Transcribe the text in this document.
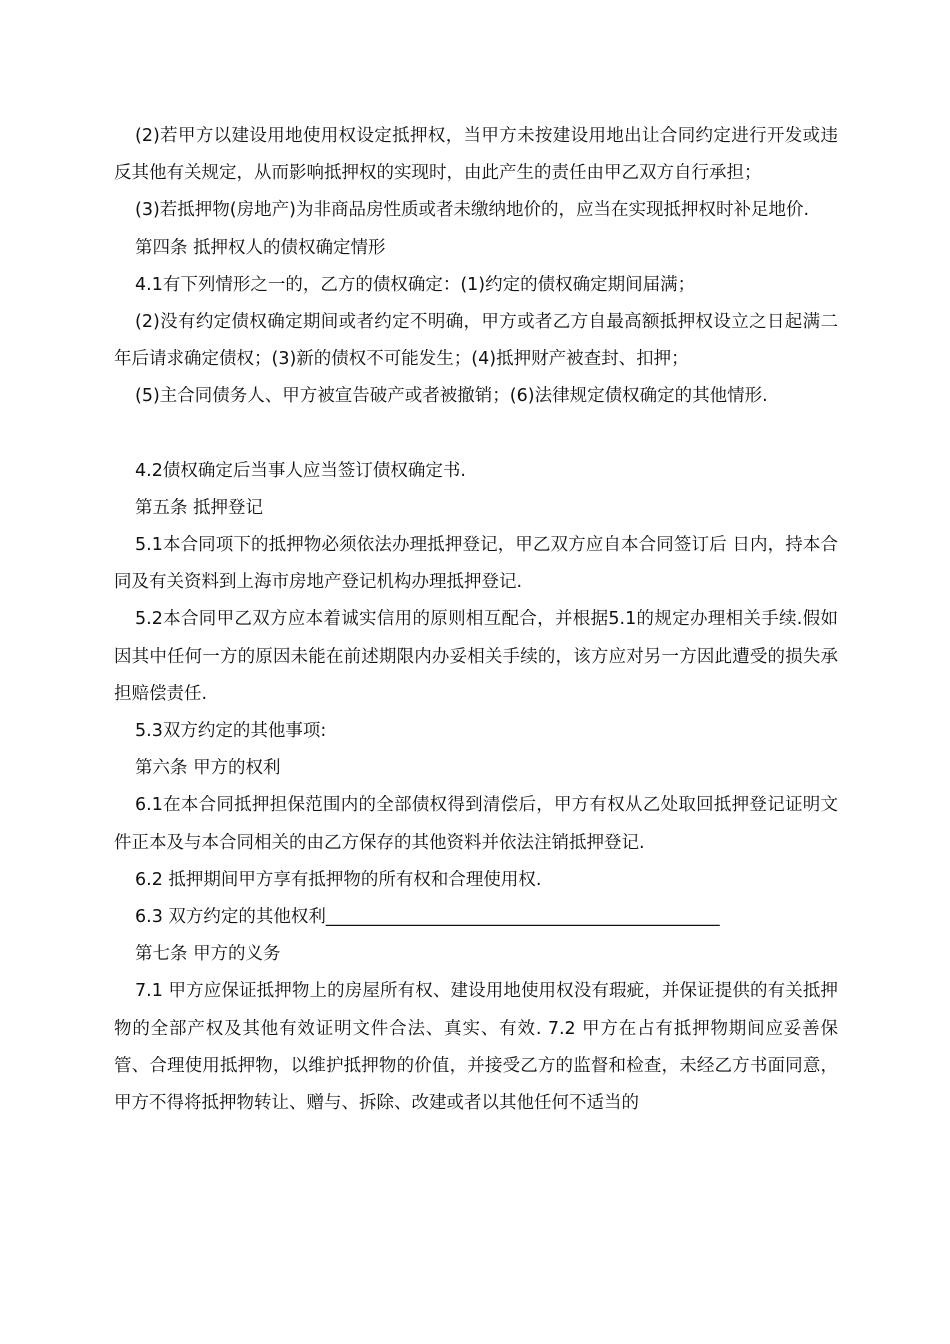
(2)若甲方以建设用地使用权设定抵押权，当甲方未按建设用地出让合同约定进行开发或违反其他有关规定，从而影响抵押权的实现时，由此产生的责任由甲乙双方自行承担；

(3)若抵押物(房地产)为非商品房性质或者未缴纳地价的，应当在实现抵押权时补足地价.

第四条 抵押权人的债权确定情形

4.1有下列情形之一的，乙方的债权确定：(1)约定的债权确定期间届满；

(2)没有约定债权确定期间或者约定不明确，甲方或者乙方自最高额抵押权设立之日起满二年后请求确定债权；(3)新的债权不可能发生；(4)抵押财产被查封、扣押；

(5)主合同债务人、甲方被宣告破产或者被撤销；(6)法律规定债权确定的其他情形.

4.2债权确定后当事人应当签订债权确定书.

第五条 抵押登记

5.1本合同项下的抵押物必须依法办理抵押登记，甲乙双方应自本合同签订后 日内，持本合同及有关资料到上海市房地产登记机构办理抵押登记.

5.2本合同甲乙双方应本着诚实信用的原则相互配合，并根据5.1的规定办理相关手续.假如因其中任何一方的原因未能在前述期限内办妥相关手续的，该方应对另一方因此遭受的损失承担赔偿责任.

5.3双方约定的其他事项:

第六条 甲方的权利

6.1在本合同抵押担保范围内的全部债权得到清偿后，甲方有权从乙处取回抵押登记证明文件正本及与本合同相关的由乙方保存的其他资料并依法注销抵押登记.

6.2 抵押期间甲方享有抵押物的所有权和合理使用权.

6.3 双方约定的其他权利_____________________________________________

第七条 甲方的义务

7.1 甲方应保证抵押物上的房屋所有权、建设用地使用权没有瑕疵，并保证提供的有关抵押物的全部产权及其他有效证明文件合法、真实、有效. 7.2 甲方在占有抵押物期间应妥善保管、合理使用抵押物，以维护抵押物的价值，并接受乙方的监督和检查，未经乙方书面同意，甲方不得将抵押物转让、赠与、拆除、改建或者以其他任何不适当的
